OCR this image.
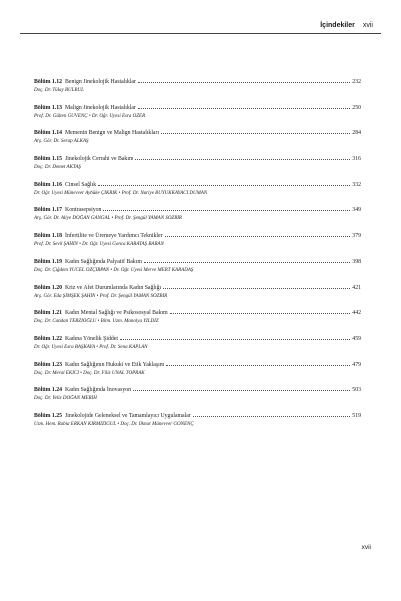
İçindekiler xvii
Bölüm 1.12 Benign Jinekolojik Hastalıklar	232
Doç. Dr. Tülay BÜLBÜL
Bölüm 1.13 Malign Jinekolojik Hastalıklar	250
Prof. Dr. Gülten GÜVENÇ • Dr. Öğr. Üyesi Esra ÖZER
Bölüm 1.14 Memenin Benign ve Malign Hastalıkları	284
Arş. Gör. Dr. Serap ALKAŞ
Bölüm 1.15 Jinekolojik Cerrahi ve Bakım	316
Doç. Dr. Demet AKTAŞ
Bölüm 1.16 Cinsel Sağlık	332
Dr. Öğr. Üyesi Münevver Aybüke ÇIKRIK • Prof. Dr. Nuriye BÜYÜKKAYACI DUMAN
Bölüm 1.17 Kontrasepsiyon	349
Arş. Gör. Dr. Aliye DOĞAN GANGAL • Prof. Dr. Şengül YAMAN SÖZBİR
Bölüm 1.18 İnfertilite ve Üremeye Yardımcı Teknikler	379
Prof. Dr. Sevil ŞAHİN • Dr. Öğr. Üyesi Gonca KARATAŞ BARAN
Bölüm 1.19 Kadın Sağlığında Palyatif Bakım	398
Doç. Dr. Çiğdem YÜCEL ÖZÇIRPAN • Dr. Öğr. Üyesi Merve MERT KARADAŞ
Bölüm 1.20 Kriz ve Afet Durumlarında Kadın Sağlığı	421
Arş. Gör. Eda ŞİMŞEK ŞAHİN • Prof. Dr. Şengül YAMAN SÖZBİR
Bölüm 1.21 Kadın Mental Sağlığı ve Psikososyal Bakım	442
Doç. Dr. Candan TERZİOĞLU • Bilm. Uzm. Manolya YILDIZ
Bölüm 1.22 Kadına Yönelik Şiddet	459
Dr. Öğr. Üyesi Esra BAŞKAYA • Prof. Dr. Sena KAPLAN
Bölüm 1.23 Kadın Sağlığının Hukuki ve Etik Yaklaşım	479
Doç. Dr. Meral EKİCİ • Doç. Dr. Filiz ÜNAL TOPRAK
Bölüm 1.24 Kadın Sağlığında İnovasyon	503
Doç. Dr. Yeliz DOĞAN MERİH
Bölüm 1.25 Jinekolojide Geleneksel ve Tamamlayıcı Uygulamalar	519
Uzm. Hem. Rabia ERKAN KIRMIZIGÜL • Doç. Dr. İlknur Münevver GÖNENÇ
xvii
